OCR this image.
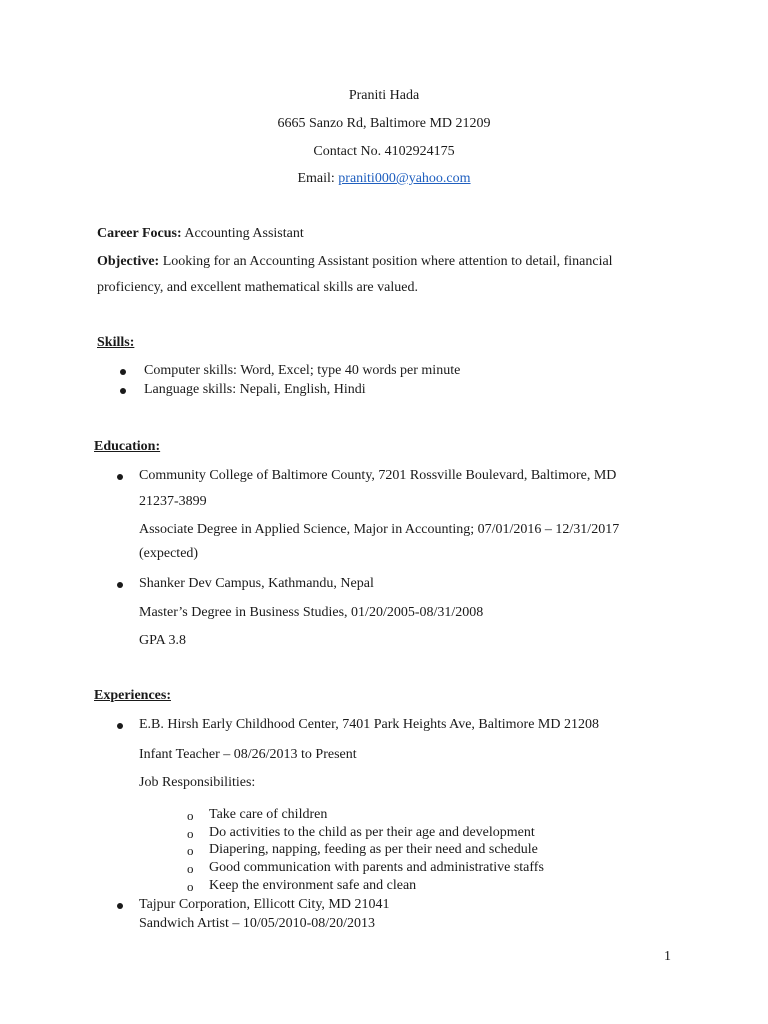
Praniti Hada
6665 Sanzo Rd, Baltimore MD 21209
Contact No. 4102924175
Email: praniti000@yahoo.com
Career Focus: Accounting Assistant
Objective: Looking for an Accounting Assistant position where attention to detail, financial
proficiency, and excellent mathematical skills are valued.
Skills:
Computer skills: Word, Excel; type 40 words per minute
Language skills: Nepali, English, Hindi
Education:
Community College of Baltimore County, 7201 Rossville Boulevard, Baltimore, MD
21237-3899
Associate Degree in Applied Science, Major in Accounting; 07/01/2016 – 12/31/2017
(expected)
Shanker Dev Campus, Kathmandu, Nepal
Master’s Degree in Business Studies, 01/20/2005-08/31/2008
GPA 3.8
Experiences:
E.B. Hirsh Early Childhood Center, 7401 Park Heights Ave, Baltimore MD 21208
Infant Teacher – 08/26/2013 to Present
Job Responsibilities:
o Take care of children
o Do activities to the child as per their age and development
o Diapering, napping, feeding as per their need and schedule
o Good communication with parents and administrative staffs
o Keep the environment safe and clean
Tajpur Corporation, Ellicott City, MD 21041
Sandwich Artist – 10/05/2010-08/20/2013
1
